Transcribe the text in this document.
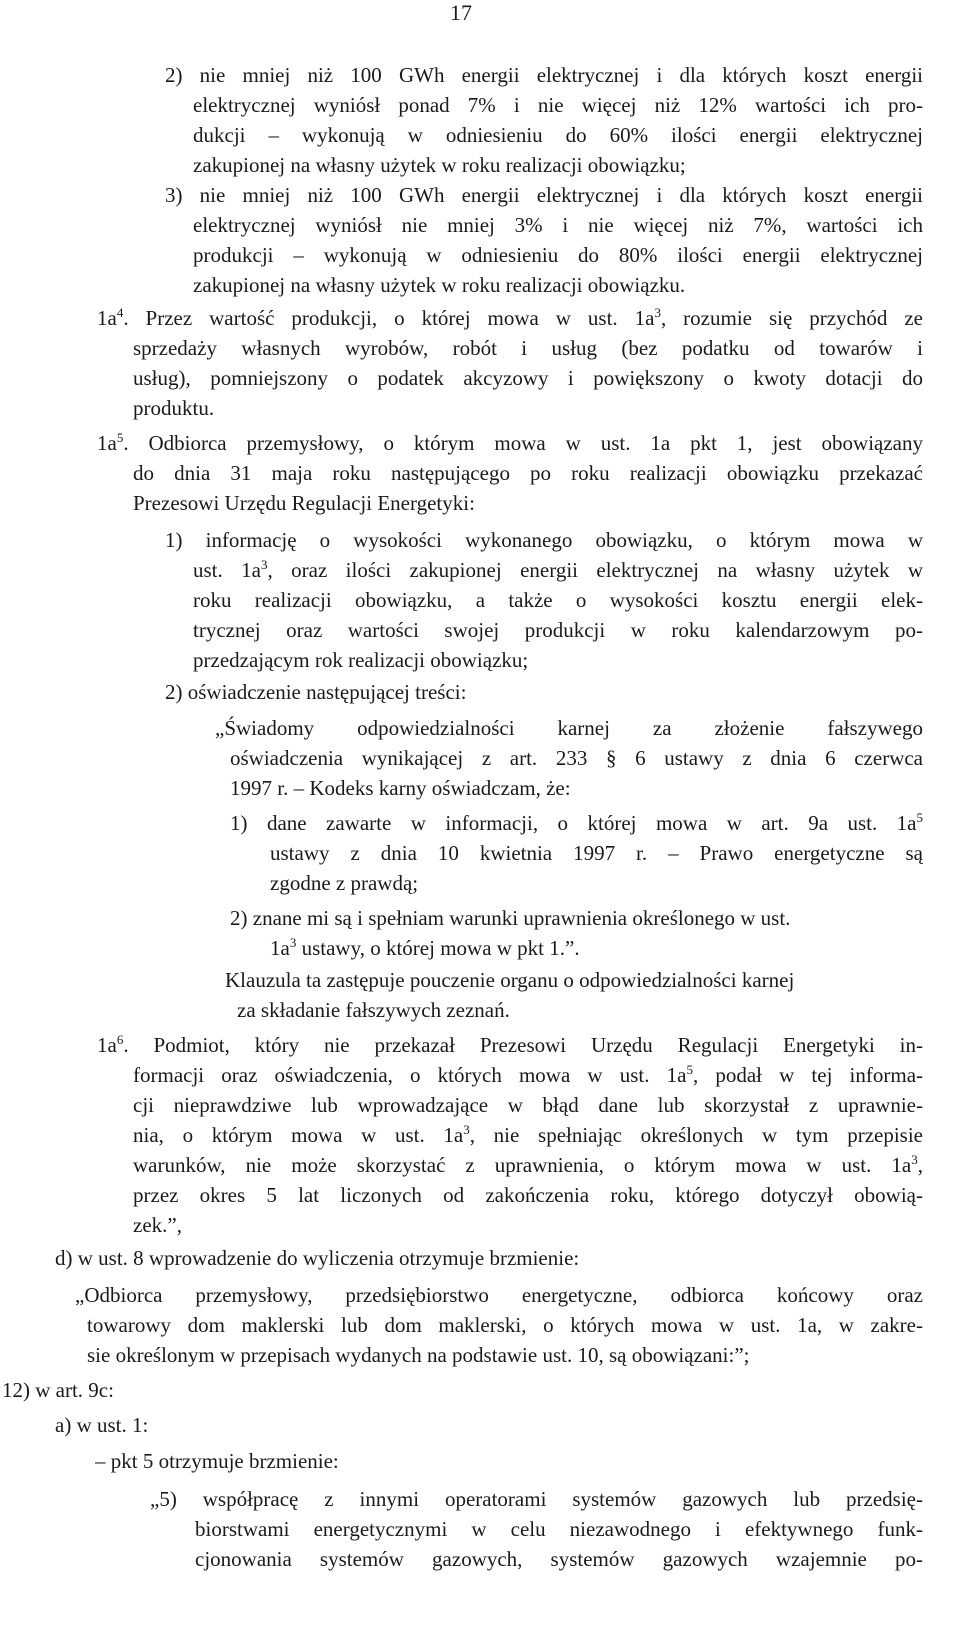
17
2) nie mniej niż 100 GWh energii elektrycznej i dla których koszt energii
elektrycznej wyniósł ponad 7% i nie więcej niż 12% wartości ich pro-
dukcji – wykonują w odniesieniu do 60% ilości energii elektrycznej
zakupionej na własny użytek w roku realizacji obowiązku;
3) nie mniej niż 100 GWh energii elektrycznej i dla których koszt energii
elektrycznej wyniósł nie mniej 3% i nie więcej niż 7%, wartości ich
produkcji – wykonują w odniesieniu do 80% ilości energii elektrycznej
zakupionej na własny użytek w roku realizacji obowiązku.
$1a^4$. Przez wartość produkcji, o której mowa w ust. $1a^3$, rozumie się przychód ze
sprzedaży własnych wyrobów, robót i usług (bez podatku od towarów i
usług), pomniejszony o podatek akcyzowy i powiększony o kwoty dotacji do
produktu.
$1a^5$. Odbiorca przemysłowy, o którym mowa w ust. 1a pkt 1, jest obowiązany
do dnia 31 maja roku następującego po roku realizacji obowiązku przekazać
Prezesowi Urzędu Regulacji Energetyki:
1) informację o wysokości wykonanego obowiązku, o którym mowa w
ust. $1a^3$, oraz ilości zakupionej energii elektrycznej na własny użytek w
roku realizacji obowiązku, a także o wysokości kosztu energii elek-
trycznej oraz wartości swojej produkcji w roku kalendarzowym po-
przedzającym rok realizacji obowiązku;
2) oświadczenie następującej treści:
„Świadomy odpowiedzialności karnej za złożenie fałszywego
oświadczenia wynikającej z art. 233 § 6 ustawy z dnia 6 czerwca
1997 r. – Kodeks karny oświadczam, że:
1) dane zawarte w informacji, o której mowa w art. 9a ust. $1a^5$
ustawy z dnia 10 kwietnia 1997 r. – Prawo energetyczne są
zgodne z prawdą;
2) znane mi są i spełniam warunki uprawnienia określonego w ust.
$1a^3$ ustawy, o której mowa w pkt 1.”.
Klauzula ta zastępuje pouczenie organu o odpowiedzialności karnej
za składanie fałszywych zeznań.
$1a^6$. Podmiot, który nie przekazał Prezesowi Urzędu Regulacji Energetyki in-
formacji oraz oświadczenia, o których mowa w ust. $1a^5$, podał w tej informa-
cji nieprawdziwe lub wprowadzające w błąd dane lub skorzystał z uprawnie-
nia, o którym mowa w ust. $1a^3$, nie spełniając określonych w tym przepisie
warunków, nie może skorzystać z uprawnienia, o którym mowa w ust. $1a^3$,
przez okres 5 lat liczonych od zakończenia roku, którego dotyczył obowią-
zek.”,
d) w ust. 8 wprowadzenie do wyliczenia otrzymuje brzmienie:
„Odbiorca przemysłowy, przedsiębiorstwo energetyczne, odbiorca końcowy oraz
towarowy dom maklerski lub dom maklerski, o których mowa w ust. 1a, w zakre-
sie określonym w przepisach wydanych na podstawie ust. 10, są obowiązani:”;
12) w art. 9c:
a) w ust. 1:
– pkt 5 otrzymuje brzmienie:
„5) współpracę z innymi operatorami systemów gazowych lub przedsię-
biorstwami energetycznymi w celu niezawodnego i efektywnego funk-
cjonowania systemów gazowych, systemów gazowych wzajemnie po-
